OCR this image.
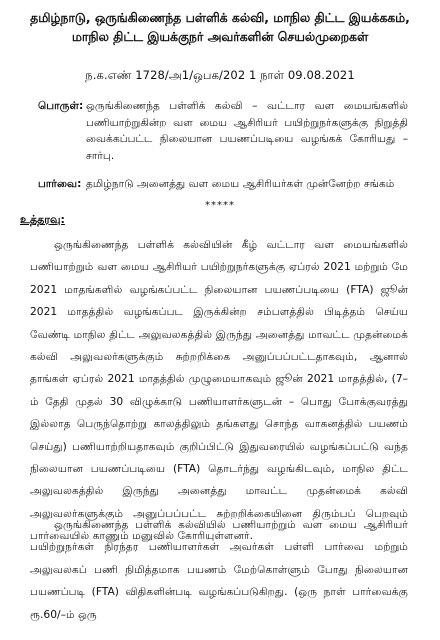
தமிழ்நாடு, ஒருங்கிணைந்த பள்ளிக் கல்வி, மாநில திட்ட இயக்ககம்,
மாநில திட்ட இயக்குநர் அவர்களின் செயல்முறைகள்
ந.க.எண் 1728/அ1/ஒபக/202 1 நாள் 09.08.2021
பொருள்: ஒருங்கிணைந்த பள்ளிக் கல்வி – வட்டார வள மையங்களில் பணியாற்றுகின்ற வள மைய ஆசிரியர் பயிற்றுநர்களுக்கு நிறுத்தி வைக்கப்பட்ட நிலையான பயணப்படியை வழங்கக் கோரியது – சார்பு.
பார்வை: தமிழ்நாடு அனைத்து வள மைய ஆசிரியர்கள் முன்னேற்ற சங்கம்
*****
உத்தரவு:

ஒருங்கிணைந்த பள்ளிக் கல்வியின் கீழ் வட்டார வள மையங்களில் பணியாற்றும் வள மைய ஆசிரியர் பயிற்றுநர்களுக்கு ஏப்ரல் 2021 மற்றும் மே 2021 மாதங்களில் வழங்கப்பட்ட நிலையான பயணப்படியை (FTA) ஜூன் 2021 மாதத்தில் வழங்கப்பட இருக்கின்ற சம்பளத்தில் பிடித்தம் செய்ய வேண்டி மாநில திட்ட அலுவலகத்தில் இருந்து அனைத்து மாவட்ட முதன்மைக் கல்வி அலுவலர்களுக்கும் சுற்றறிக்கை அனுப்பப்பட்டதாகவும், ஆனால் தாங்கள் ஏப்ரல் 2021 மாதத்தில் முழுமையாகவும் ஜூன் 2021 மாதத்தில், (7–ம் தேதி முதல் 30 விழுக்காடு பணியாளர்களுடன் – பொது போக்குவரத்து இல்லாத பெருந்தொற்று காலத்திலும் தங்களது சொந்த வாகனத்தில் பயணம் செய்து) பணியாற்றியதாகவும் குறிப்பிட்டு இதுவரையில் வழங்கப்பட்டு வந்த நிலையான பயணப்படியை (FTA) தொடர்ந்து வழங்கிடவும், மாநில திட்ட அலுவலகத்தில் இருந்து அனைத்து மாவட்ட முதன்மைக் கல்வி அலுவலர்களுக்கும் அனுப்பப்பட்ட சுற்றறிக்கையினை திரும்பப் பெறவும் பார்வையில் காணும் மனுவில் கோரியுள்ளனர்.

ஒருங்கிணைந்த பள்ளிக் கல்வியில் பணியாற்றும் வள மைய ஆசிரியர் பயிற்றுநர்கள் நிரந்தர பணியாளர்கள் அவர்கள் பள்ளி பார்வை மற்றும் அலுவலகப் பணி நிமித்தமாக பயணம் மேற்கொள்ளும் போது நிலையான பயணப்படி (FTA) விதிகளின்படி வழங்கப்படுகிறது. (ஒரு நாள் பார்வைக்கு ரூ.60/–ம் ஒரு
